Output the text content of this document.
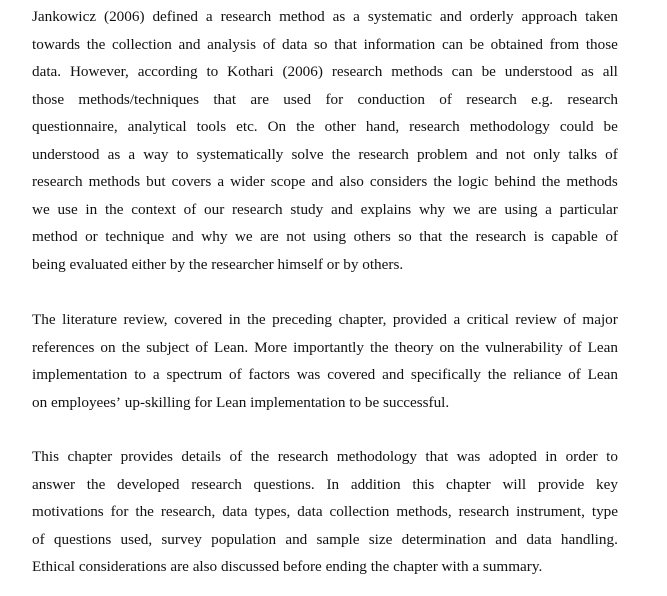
Jankowicz (2006) defined a research method as a systematic and orderly approach taken
towards the collection and analysis of data so that information can be obtained from those
data. However, according to Kothari (2006) research methods can be understood as all
those methods/techniques that are used for conduction of research e.g. research
questionnaire, analytical tools etc. On the other hand, research methodology could be
understood as a way to systematically solve the research problem and not only talks of
research methods but covers a wider scope and also considers the logic behind the methods
we use in the context of our research study and explains why we are using a particular
method or technique and why we are not using others so that the research is capable of
being evaluated either by the researcher himself or by others.
The literature review, covered in the preceding chapter, provided a critical review of major
references on the subject of Lean. More importantly the theory on the vulnerability of Lean
implementation to a spectrum of factors was covered and specifically the reliance of Lean
on employees’ up-skilling for Lean implementation to be successful.
This chapter provides details of the research methodology that was adopted in order to
answer the developed research questions. In addition this chapter will provide key
motivations for the research, data types, data collection methods, research instrument, type
of questions used, survey population and sample size determination and data handling.
Ethical considerations are also discussed before ending the chapter with a summary.
